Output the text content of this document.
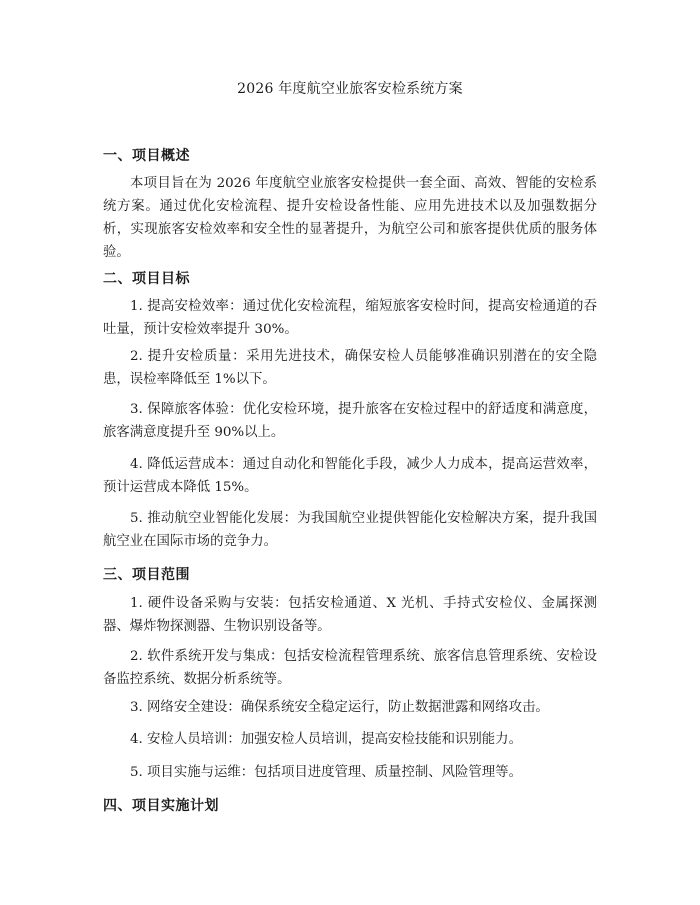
2026 年度航空业旅客安检系统方案
一、项目概述

本项目旨在为 2026 年度航空业旅客安检提供一套全面、高效、智能的安检系统方案。通过优化安检流程、提升安检设备性能、应用先进技术以及加强数据分析，实现旅客安检效率和安全性的显著提升，为航空公司和旅客提供优质的服务体验。

二、项目目标

1. 提高安检效率：通过优化安检流程，缩短旅客安检时间，提高安检通道的吞吐量，预计安检效率提升 30%。

2. 提升安检质量：采用先进技术，确保安检人员能够准确识别潜在的安全隐患，误检率降低至 1%以下。

3. 保障旅客体验：优化安检环境，提升旅客在安检过程中的舒适度和满意度，旅客满意度提升至 90%以上。

4. 降低运营成本：通过自动化和智能化手段，减少人力成本，提高运营效率，预计运营成本降低 15%。

5. 推动航空业智能化发展：为我国航空业提供智能化安检解决方案，提升我国航空业在国际市场的竞争力。

三、项目范围

1. 硬件设备采购与安装：包括安检通道、X 光机、手持式安检仪、金属探测器、爆炸物探测器、生物识别设备等。

2. 软件系统开发与集成：包括安检流程管理系统、旅客信息管理系统、安检设备监控系统、数据分析系统等。

3. 网络安全建设：确保系统安全稳定运行，防止数据泄露和网络攻击。

4. 安检人员培训：加强安检人员培训，提高安检技能和识别能力。

5. 项目实施与运维：包括项目进度管理、质量控制、风险管理等。

四、项目实施计划
